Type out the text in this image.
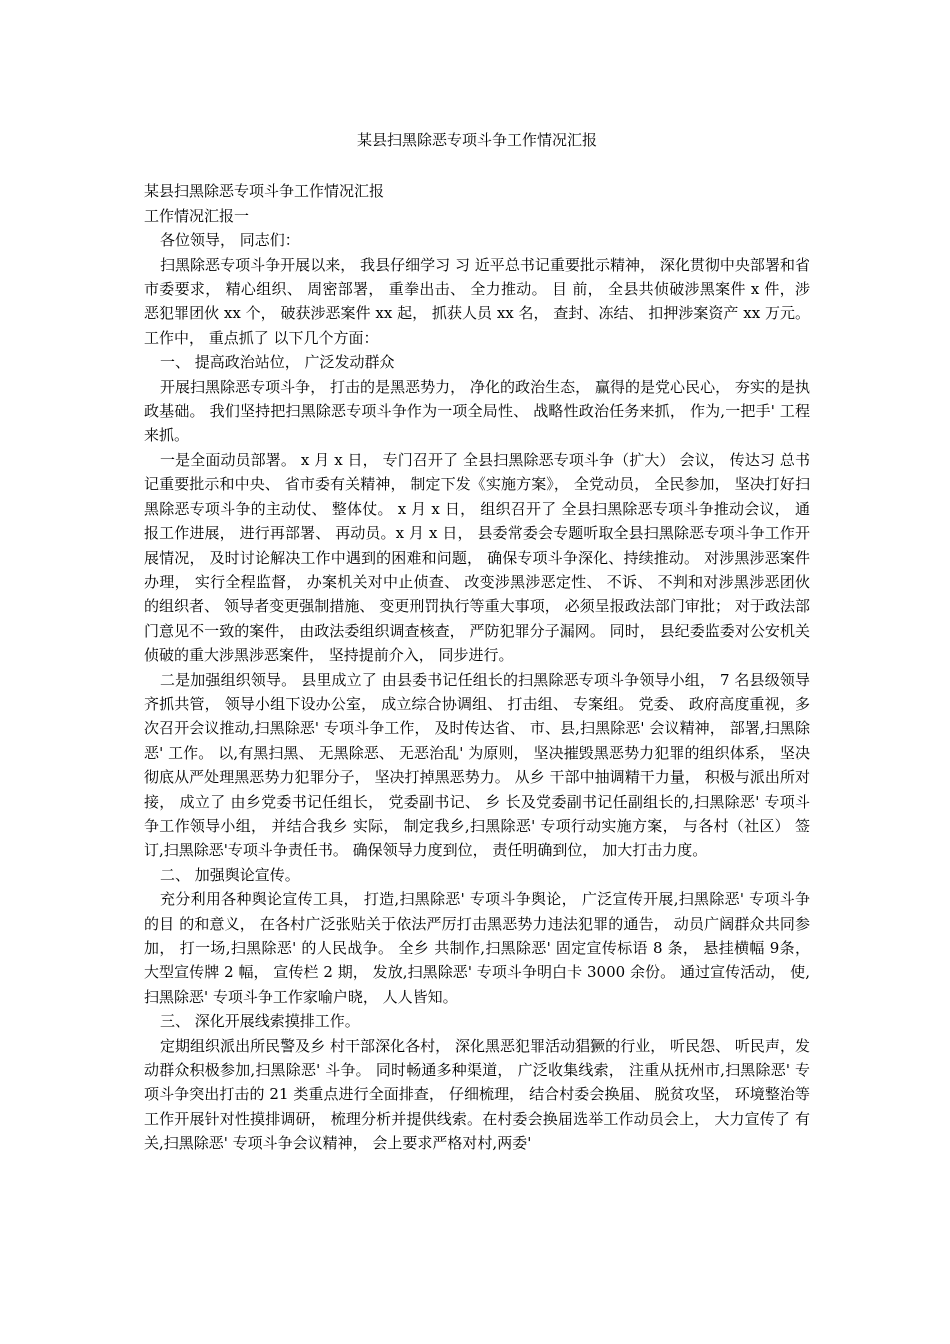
某县扫黑除恶专项斗争工作情况汇报
某县扫黑除恶专项斗争工作情况汇报
工作情况汇报一
各位领导， 同志们：
扫黑除恶专项斗争开展以来， 我县仔细学习 习 近平总书记重要批示精神， 深化贯彻中央部署和省市委要求， 精心组织、 周密部署， 重拳出击、 全力推动。 目 前， 全县共侦破涉黑案件 x 件，涉恶犯罪团伙 xx 个， 破获涉恶案件 xx 起， 抓获人员 xx 名， 查封、冻结、 扣押涉案资产 xx 万元。 工作中， 重点抓了 以下几个方面：
一、 提高政治站位， 广泛发动群众
开展扫黑除恶专项斗争， 打击的是黑恶势力， 净化的政治生态， 赢得的是党心民心， 夯实的是执政基础。 我们坚持把扫黑除恶专项斗争作为一项全局性、 战略性政治任务来抓， 作为,一把手' 工程来抓。
一是全面动员部署。 x 月 x 日， 专门召开了 全县扫黑除恶专项斗争（扩大） 会议， 传达习 总书记重要批示和中央、 省市委有关精神， 制定下发《实施方案》， 全党动员， 全民参加， 坚决打好扫黑除恶专项斗争的主动仗、 整体仗。 x 月 x 日， 组织召开了 全县扫黑除恶专项斗争推动会议， 通报工作进展， 进行再部署、 再动员。x 月 x 日， 县委常委会专题听取全县扫黑除恶专项斗争工作开展情况， 及时讨论解决工作中遇到的困难和问题， 确保专项斗争深化、持续推动。 对涉黑涉恶案件办理， 实行全程监督， 办案机关对中止侦查、 改变涉黑涉恶定性、 不诉、 不判和对涉黑涉恶团伙的组织者、 领导者变更强制措施、 变更刑罚执行等重大事项， 必须呈报政法部门审批； 对于政法部门意见不一致的案件， 由政法委组织调查核查， 严防犯罪分子漏网。 同时， 县纪委监委对公安机关侦破的重大涉黑涉恶案件， 坚持提前介入， 同步进行。
二是加强组织领导。 县里成立了 由县委书记任组长的扫黑除恶专项斗争领导小组， 7 名县级领导齐抓共管， 领导小组下设办公室， 成立综合协调组、 打击组、 专案组。 党委、 政府高度重视，多次召开会议推动,扫黑除恶' 专项斗争工作， 及时传达省、 市、县,扫黑除恶' 会议精神， 部署,扫黑除恶' 工作。 以,有黑扫黑、 无黑除恶、 无恶治乱' 为原则， 坚决摧毁黑恶势力犯罪的组织体系， 坚决彻底从严处理黑恶势力犯罪分子， 坚决打掉黑恶势力。 从乡 干部中抽调精干力量， 积极与派出所对接， 成立了 由乡党委书记任组长， 党委副书记、 乡 长及党委副书记任副组长的,扫黑除恶' 专项斗争工作领导小组， 并结合我乡 实际， 制定我乡,扫黑除恶' 专项行动实施方案， 与各村（社区） 签订,扫黑除恶'专项斗争责任书。 确保领导力度到位， 责任明确到位， 加大打击力度。
二、 加强舆论宣传。
充分利用各种舆论宣传工具， 打造,扫黑除恶' 专项斗争舆论， 广泛宣传开展,扫黑除恶' 专项斗争的目 的和意义， 在各村广泛张贴关于依法严厉打击黑恶势力违法犯罪的通告， 动员广阔群众共同参加， 打一场,扫黑除恶' 的人民战争。 全乡 共制作,扫黑除恶' 固定宣传标语 8 条， 悬挂横幅 9条， 大型宣传牌 2 幅， 宣传栏 2 期， 发放,扫黑除恶' 专项斗争明白卡 3000 余份。 通过宣传活动， 使,扫黑除恶' 专项斗争工作家喻户晓， 人人皆知。
三、 深化开展线索摸排工作。
定期组织派出所民警及乡 村干部深化各村， 深化黑恶犯罪活动猖獗的行业， 听民怨、 听民声，发动群众积极参加,扫黑除恶' 斗争。 同时畅通多种渠道， 广泛收集线索， 注重从抚州市,扫黑除恶' 专项斗争突出打击的 21 类重点进行全面排查， 仔细梳理， 结合村委会换届、 脱贫攻坚， 环境整治等工作开展针对性摸排调研， 梳理分析并提供线索。在村委会换届选举工作动员会上， 大力宣传了 有关,扫黑除恶' 专项斗争会议精神， 会上要求严格对村,两委'
